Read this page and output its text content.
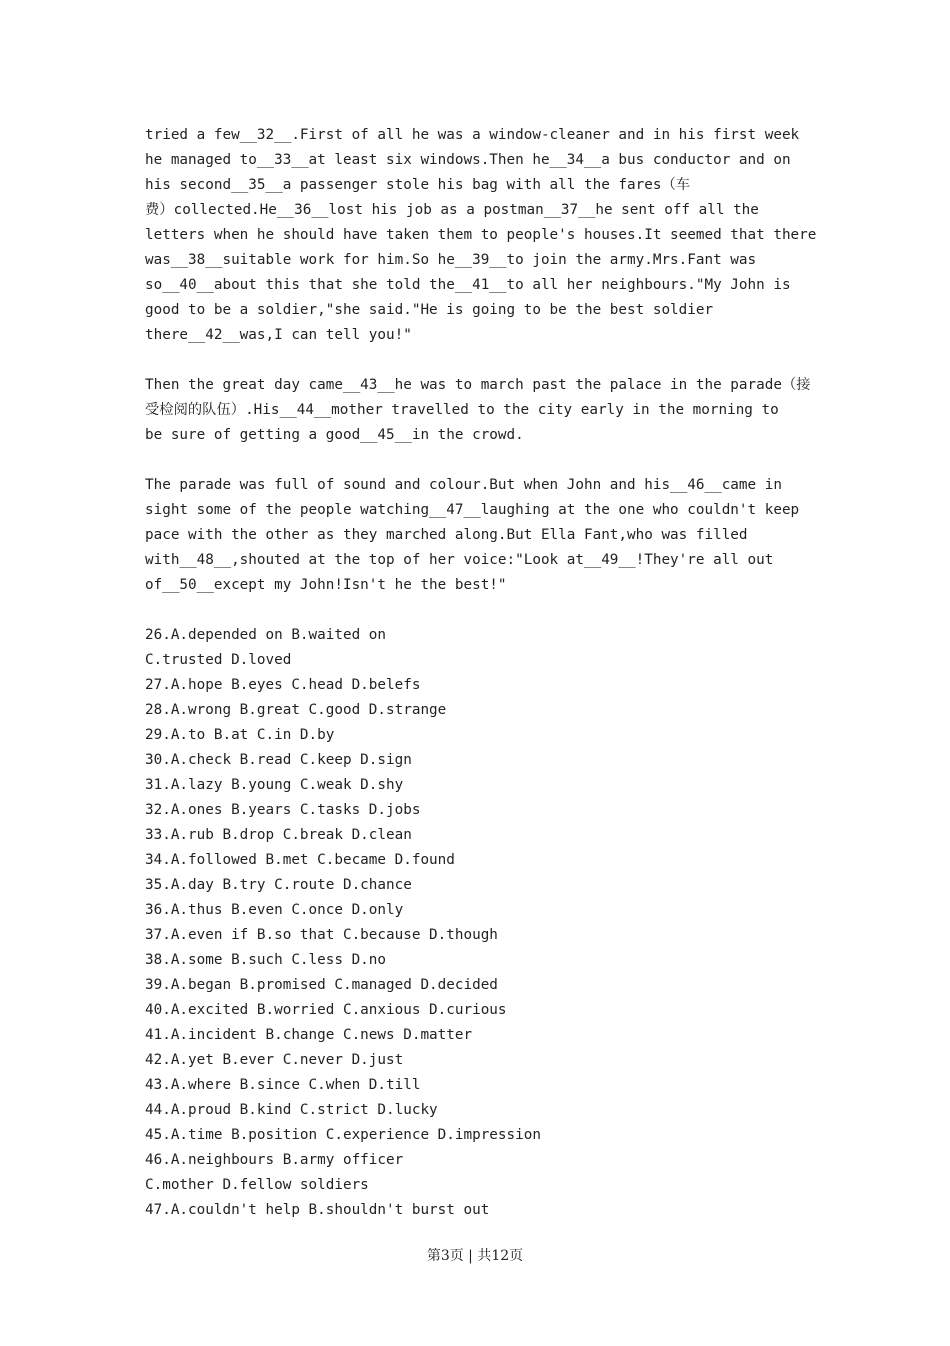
tried a few__32__.First of all he was a window-cleaner and in his first week
he managed to__33__at least six windows.Then he__34__a bus conductor and on
his second__35__a passenger stole his bag with all the fares（车
费）collected.He__36__lost his job as a postman__37__he sent off all the
letters when he should have taken them to people's houses.It seemed that there
was__38__suitable work for him.So he__39__to join the army.Mrs.Fant was
so__40__about this that she told the__41__to all her neighbours."My John is
good to be a soldier,"she said."He is going to be the best soldier
there__42__was,I can tell you!"
Then the great day came__43__he was to march past the palace in the parade（接
受检阅的队伍）.His__44__mother travelled to the city early in the morning to
be sure of getting a good__45__in the crowd.
The parade was full of sound and colour.But when John and his__46__came in
sight some of the people watching__47__laughing at the one who couldn't keep
pace with the other as they marched along.But Ella Fant,who was filled
with__48__,shouted at the top of her voice:"Look at__49__!They're all out
of__50__except my John!Isn't he the best!"
26.A.depended on B.waited on
C.trusted D.loved
27.A.hope B.eyes C.head D.belefs
28.A.wrong B.great C.good D.strange
29.A.to B.at C.in D.by
30.A.check B.read C.keep D.sign
31.A.lazy B.young C.weak D.shy
32.A.ones B.years C.tasks D.jobs
33.A.rub B.drop C.break D.clean
34.A.followed B.met C.became D.found
35.A.day B.try C.route D.chance
36.A.thus B.even C.once D.only
37.A.even if B.so that C.because D.though
38.A.some B.such C.less D.no
39.A.began B.promised C.managed D.decided
40.A.excited B.worried C.anxious D.curious
41.A.incident B.change C.news D.matter
42.A.yet B.ever C.never D.just
43.A.where B.since C.when D.till
44.A.proud B.kind C.strict D.lucky
45.A.time B.position C.experience D.impression
46.A.neighbours B.army officer
C.mother D.fellow soldiers
47.A.couldn't help B.shouldn't burst out
第3页 | 共12页
